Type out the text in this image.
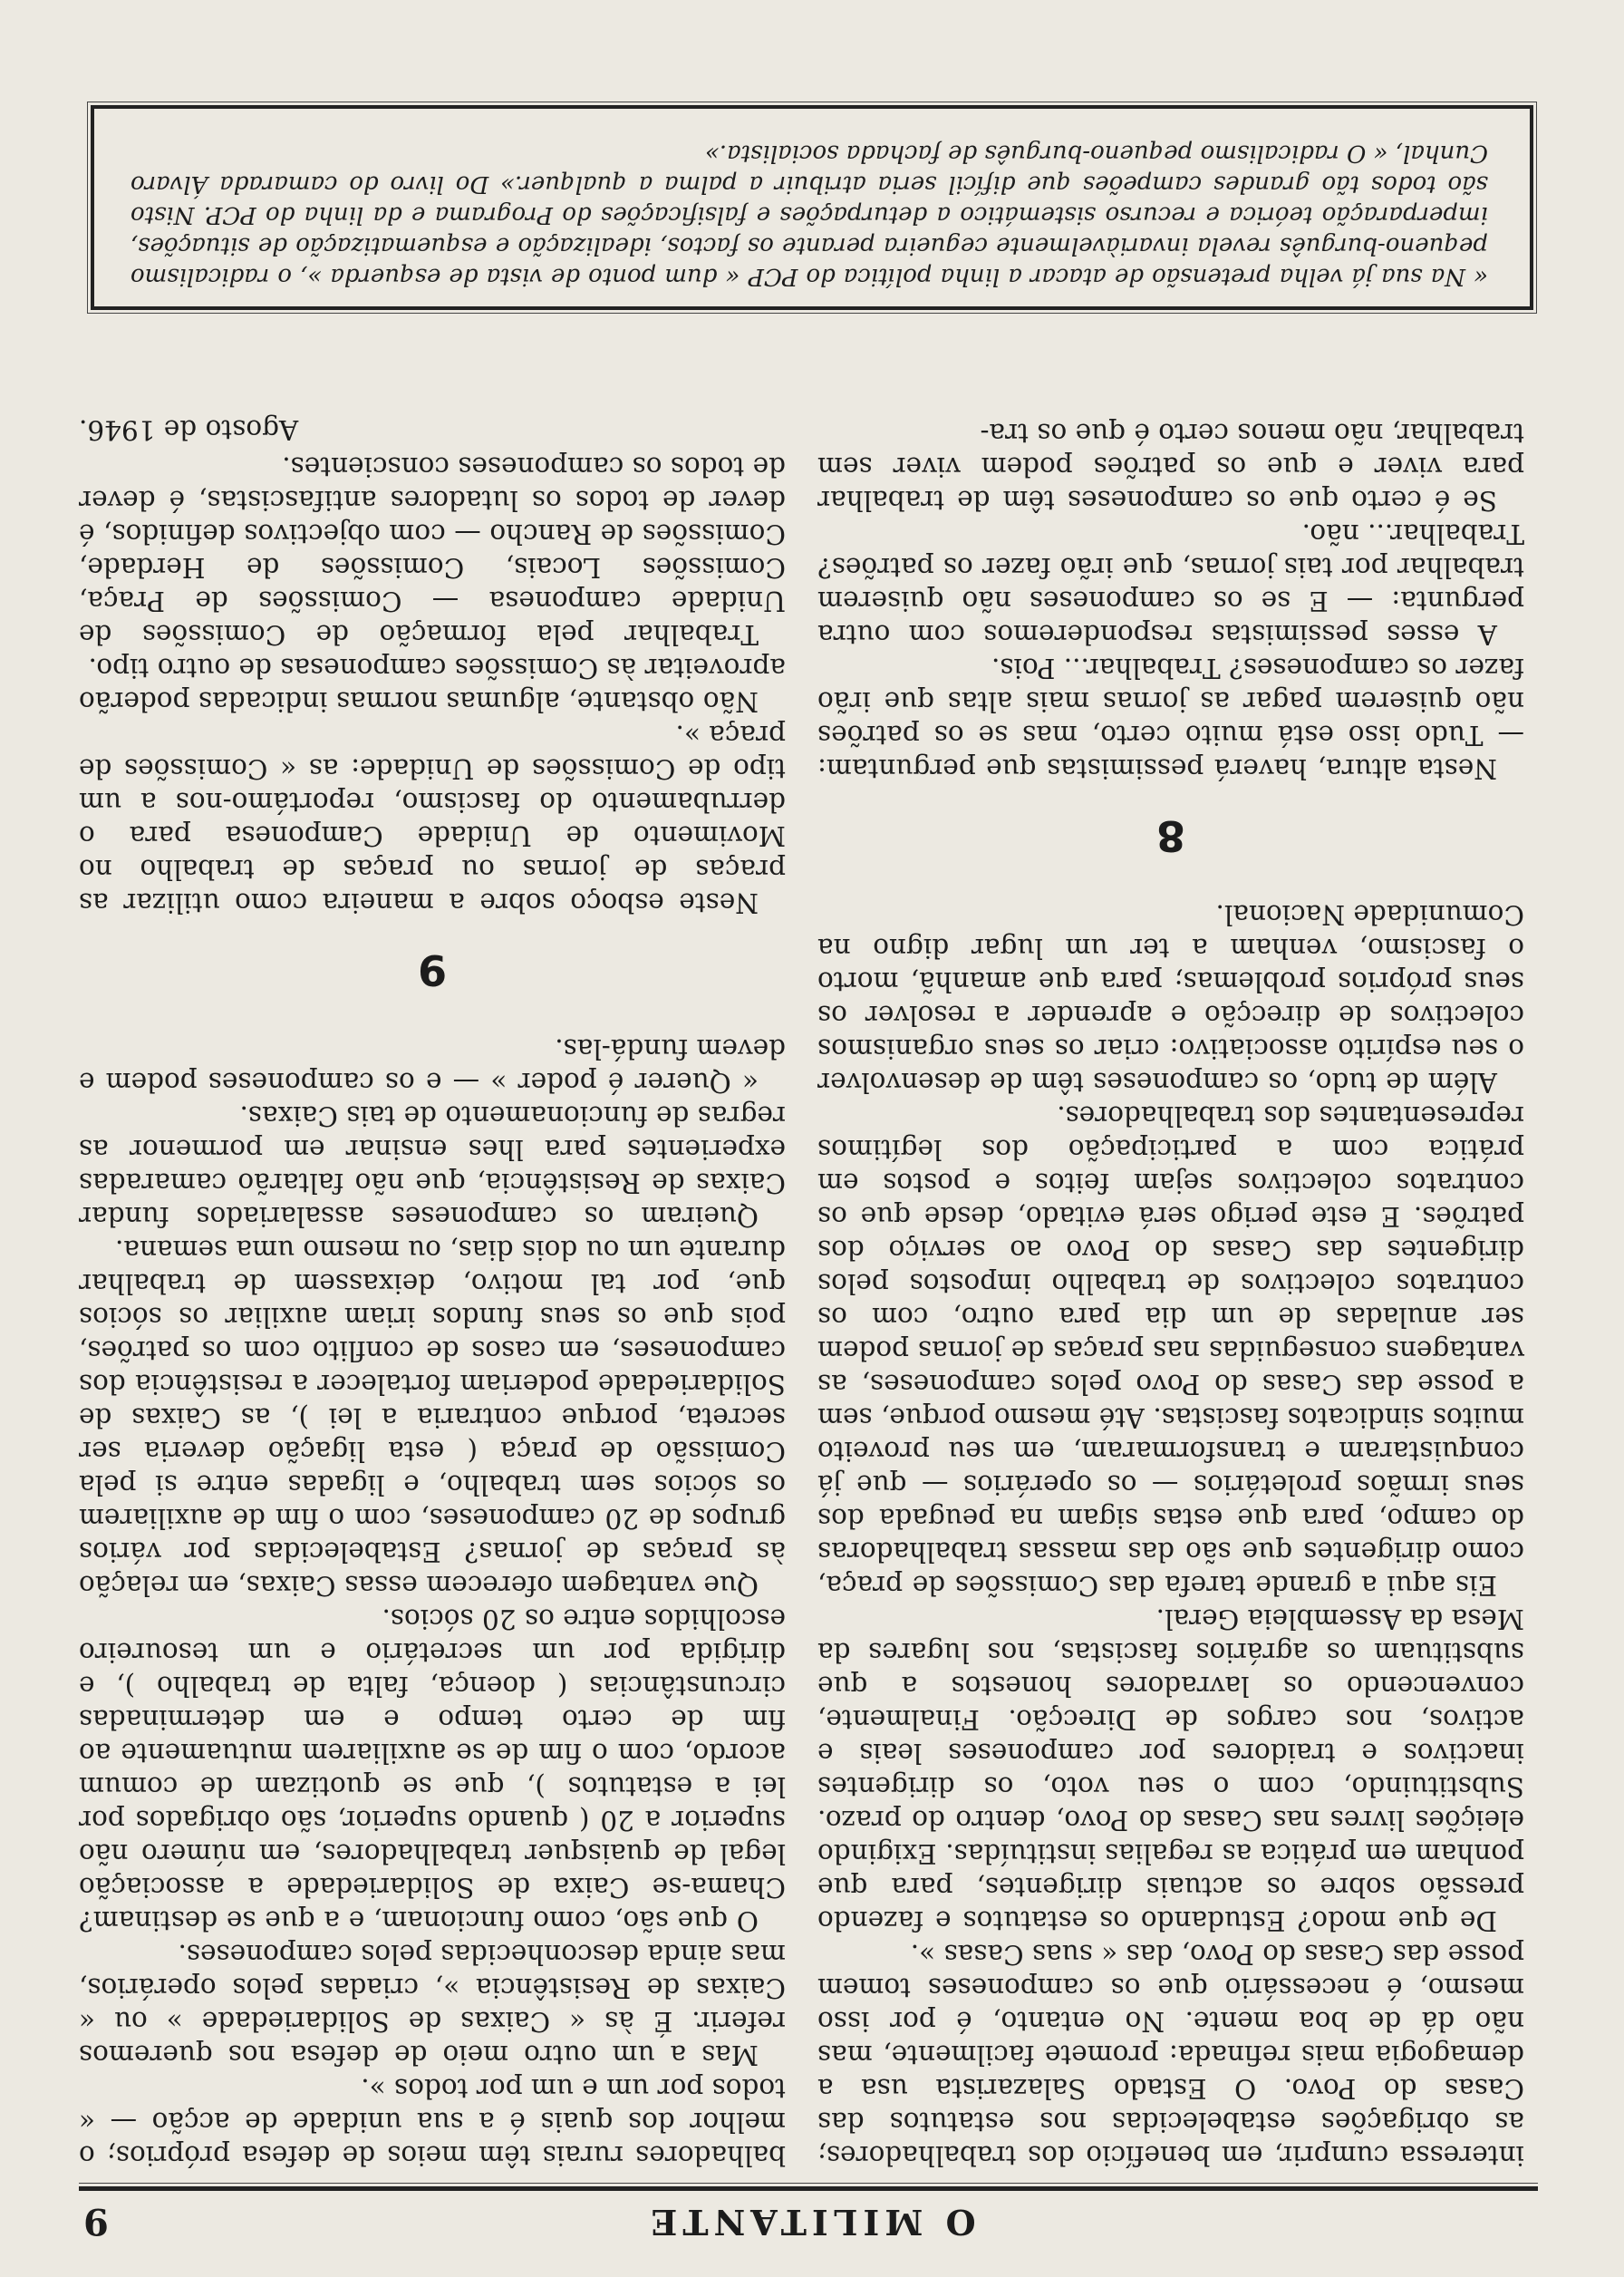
O MILITANTE
9

interessa cumprir, em benefício dos trabalhadores; as obrigações estabelecidas nos estatutos das Casas do Povo. O Estado Salazarista usa a demagogia mais refinada: promete facilmente, mas não dá de boa mente. No entanto, é por isso mesmo, é necessário que os camponeses tomem posse das Casas do Povo, das « suas Casas ».

De que modo? Estudando os estatutos e fazendo pressão sobre os actuais dirigentes, para que ponham em prática as regalias instituídas. Exigindo eleições livres nas Casas do Povo, dentro do prazo. Substituindo, com o seu voto, os dirigentes inactivos e traidores por camponeses leais e activos, nos cargos de Direcção. Finalmente, convencendo os lavradores honestos a que substituam os agrários fascistas, nos lugares da Mesa da Assembleia Geral.

Eis aqui a grande tarefa das Comissões de praça, como dirigentes que são das massas trabalhadoras do campo, para que estas sigam na peugada dos seus irmãos proletários — os operários — que já conquistaram e transformaram, em seu proveito muitos sindicatos fascistas. Até mesmo porque, sem a posse das Casas do Povo pelos camponeses, as vantagens conseguidas nas praças de jornas podem ser anuladas de um dia para outro, com os contratos colectivos de trabalho impostos pelos dirigentes das Casas do Povo ao serviço dos patrões. E este perigo será evitado, desde que os contratos colectivos sejam feitos e postos em prática com a participação dos legítimos representantes dos trabalhadores.

Além de tudo, os camponeses têm de desenvolver o seu espírito associativo: criar os seus organismos colectivos de direcção e aprender a resolver os seus próprios problemas; para que amanhã, morto o fascismo, venham a ter um lugar digno na Comunidade Nacional.

8

Nesta altura, haverá pessimistas que perguntam: — Tudo isso está muito certo, mas se os patrões não quiserem pagar as jornas mais altas que irão fazer os camponeses? Trabalhar... Pois.

A esses pessimistas responderemos com outra pergunta: — E se os camponeses não quiserem trabalhar por tais jornas, que irão fazer os patrões? Trabalhar... não.

Se é certo que os camponeses têm de trabalhar para viver e que os patrões podem viver sem trabalhar, não menos certo é que os tra-

balhadores rurais têm meios de defesa próprios; o melhor dos quais é a sua unidade de acção — « todos por um e um por todos ».

Mas a um outro meio de defesa nos queremos referir. É às « Caixas de Solidariedade » ou « Caixas de Resistência », criadas pelos operários, mas ainda desconhecidas pelos camponeses.

O que são, como funcionam, e a que se destinam? Chama-se Caixa de Solidariedade a associação legal de quaisquer trabalhadores, em número não superior a 20 ( quando superior, são obrigados por lei a estatutos ), que se quotizam de comum acordo, com o fim de se auxiliarem mutuamente ao fim de certo tempo e em determinadas circunstâncias ( doença, falta de trabalho ), e dirigida por um secretário e um tesoureiro escolhidos entre os 20 sócios.

Que vantagem oferecem essas Caixas, em relação às praças de jornas? Estabelecidas por vários grupos de 20 camponeses, com o fim de auxiliarem os sócios sem trabalho, e ligadas entre si pela Comissão de praça ( esta ligação deveria ser secreta, porque contraria a lei ), as Caixas de Solidariedade poderiam fortalecer a resistência dos camponeses, em casos de conflito com os patrões, pois que os seus fundos iriam auxiliar os sócios que, por tal motivo, deixassem de trabalhar durante um ou dois dias, ou mesmo uma semana.

Queiram os camponeses assalariados fundar Caixas de Resistência, que não faltarão camaradas experientes para lhes ensinar em pormenor as regras de funcionamento de tais Caixas.

« Querer é poder » — e os camponeses podem e devem fundá-las.

9

Neste esboço sobre a maneira como utilizar as praças de jornas ou praças de trabalho no Movimento de Unidade Camponesa para o derrubamento do fascismo, reportámo-nos a um tipo de Comissões de Unidade: as « Comissões de praça ».

Não obstante, algumas normas indicadas poderão aproveitar às Comissões camponesas de outro tipo.

Trabalhar pela formação de Comissões de Unidade camponesa — Comissões de Praça, Comissões Locais, Comissões de Herdade, Comissões de Rancho — com objectivos definidos, é dever de todos os lutadores antifascistas, é dever de todos os camponeses conscientes.

Agosto de 1946.

« Na sua já velha pretensão de atacar a linha política do PCP « dum ponto de vista de esquerda », o radicalismo pequeno-burguês revela invariàvelmente cegueira perante os factos, idealização e esquematização de situações, imperparação teórica e recurso sistemático a deturpações e falsificações do Programa e da linha do PCP. Nisto são todos tão grandes campeões que difícil seria atribuir a palma a qualquer.» Do livro do camarada Álvaro Cunhal, « O radicalismo pequeno-burguês de fachada socialista.»
